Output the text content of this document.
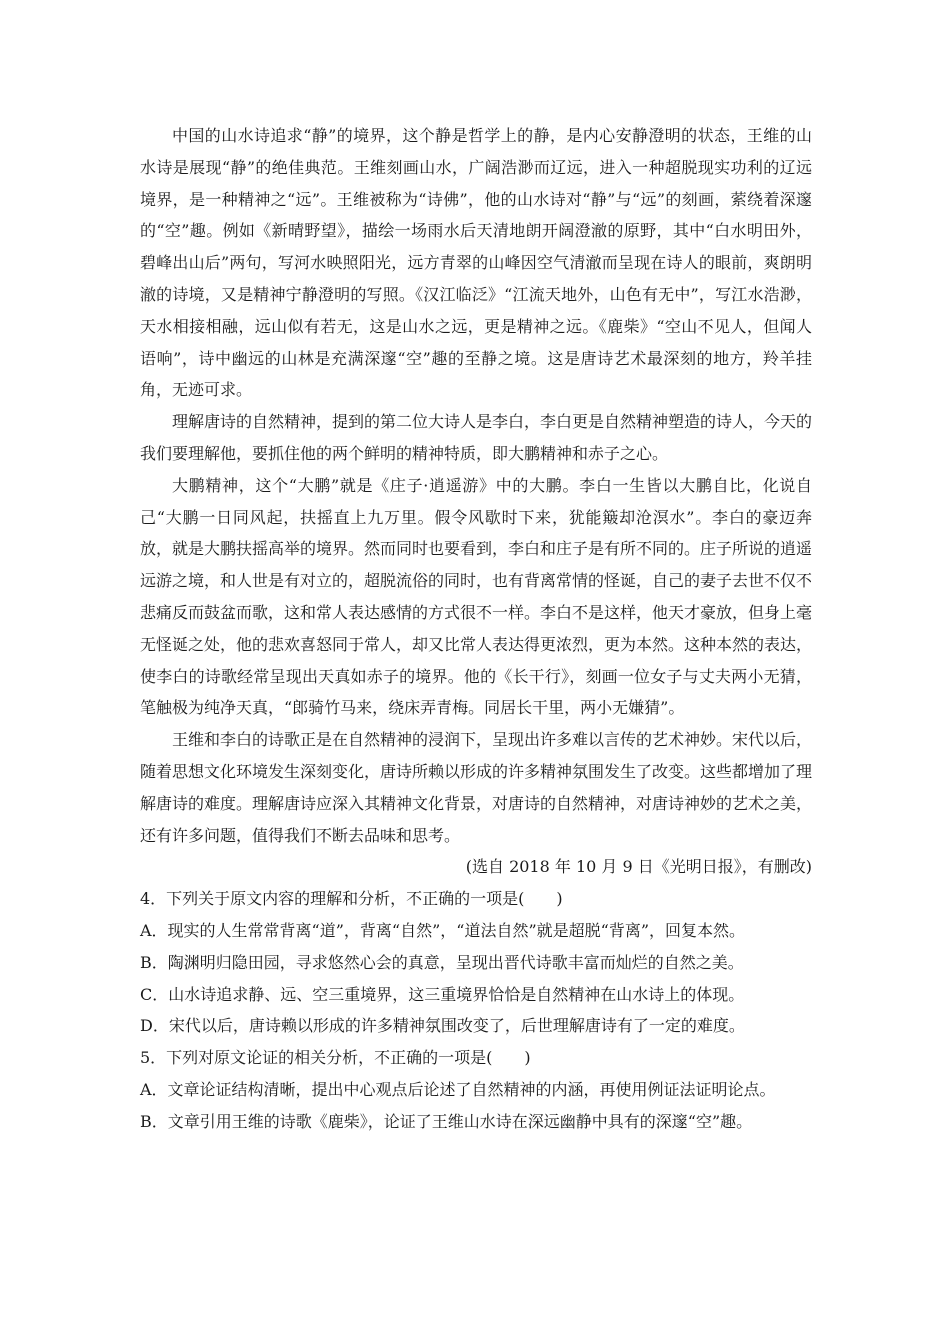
中国的山水诗追求“静”的境界，这个静是哲学上的静，是内心安静澄明的状态，王维的山水诗是展现“静”的绝佳典范。王维刻画山水，广阔浩渺而辽远，进入一种超脱现实功利的辽远境界，是一种精神之“远”。王维被称为“诗佛”，他的山水诗对“静”与“远”的刻画，萦绕着深邃的“空”趣。例如《新晴野望》，描绘一场雨水后天清地朗开阔澄澈的原野，其中“白水明田外，碧峰出山后”两句，写河水映照阳光，远方青翠的山峰因空气清澈而呈现在诗人的眼前，爽朗明澈的诗境，又是精神宁静澄明的写照。《汉江临泛》“江流天地外，山色有无中”，写江水浩渺，天水相接相融，远山似有若无，这是山水之远，更是精神之远。《鹿柴》“空山不见人，但闻人语响”，诗中幽远的山林是充满深邃“空”趣的至静之境。这是唐诗艺术最深刻的地方，羚羊挂角，无迹可求。

理解唐诗的自然精神，提到的第二位大诗人是李白，李白更是自然精神塑造的诗人，今天的我们要理解他，要抓住他的两个鲜明的精神特质，即大鹏精神和赤子之心。

大鹏精神，这个“大鹏”就是《庄子·逍遥游》中的大鹏。李白一生皆以大鹏自比，化说自己“大鹏一日同风起，扶摇直上九万里。假令风歇时下来，犹能簸却沧溟水”。李白的豪迈奔放，就是大鹏扶摇高举的境界。然而同时也要看到，李白和庄子是有所不同的。庄子所说的逍遥远游之境，和人世是有对立的，超脱流俗的同时，也有背离常情的怪诞，自己的妻子去世不仅不悲痛反而鼓盆而歌，这和常人表达感情的方式很不一样。李白不是这样，他天才豪放，但身上毫无怪诞之处，他的悲欢喜怒同于常人，却又比常人表达得更浓烈，更为本然。这种本然的表达，使李白的诗歌经常呈现出天真如赤子的境界。他的《长干行》，刻画一位女子与丈夫两小无猜，笔触极为纯净天真，“郎骑竹马来，绕床弄青梅。同居长干里，两小无嫌猜”。

王维和李白的诗歌正是在自然精神的浸润下，呈现出许多难以言传的艺术神妙。宋代以后，随着思想文化环境发生深刻变化，唐诗所赖以形成的许多精神氛围发生了改变。这些都增加了理解唐诗的难度。理解唐诗应深入其精神文化背景，对唐诗的自然精神，对唐诗神妙的艺术之美，还有许多问题，值得我们不断去品味和思考。

(选自 2018 年 10 月 9 日《光明日报》，有删改)

4．下列关于原文内容的理解和分析，不正确的一项是(　　)

A．现实的人生常常背离“道”，背离“自然”，“道法自然”就是超脱“背离”，回复本然。

B．陶渊明归隐田园，寻求悠然心会的真意，呈现出晋代诗歌丰富而灿烂的自然之美。

C．山水诗追求静、远、空三重境界，这三重境界恰恰是自然精神在山水诗上的体现。

D．宋代以后，唐诗赖以形成的许多精神氛围改变了，后世理解唐诗有了一定的难度。

5．下列对原文论证的相关分析，不正确的一项是(　　)

A．文章论证结构清晰，提出中心观点后论述了自然精神的内涵，再使用例证法证明论点。

B．文章引用王维的诗歌《鹿柴》，论证了王维山水诗在深远幽静中具有的深邃“空”趣。
